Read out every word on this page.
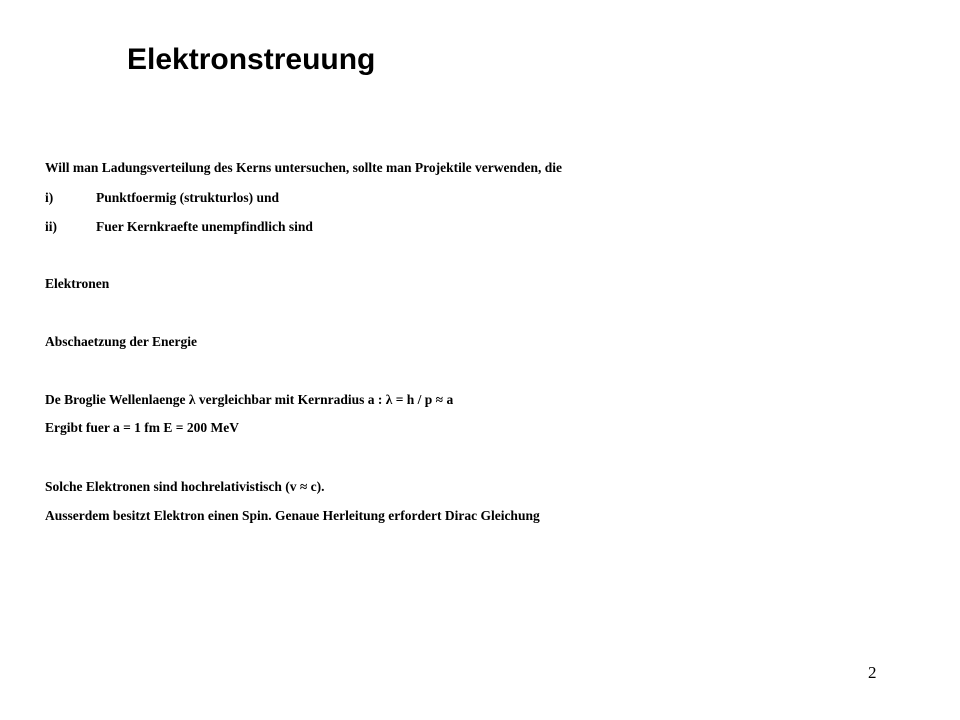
Elektronstreuung
Will man Ladungsverteilung des Kerns untersuchen, sollte man Projektile verwenden, die
i)	Punktfoermig (strukturlos) und
ii)	Fuer Kernkraefte unempfindlich sind
Elektronen
Abschaetzung der Energie
De Broglie Wellenlaenge λ vergleichbar mit Kernradius a : λ = h / p ≈ a
Ergibt fuer a = 1 fm E = 200 MeV
Solche Elektronen sind hochrelativistisch (v ≈ c).
Ausserdem besitzt Elektron einen Spin. Genaue Herleitung erfordert Dirac Gleichung
2
